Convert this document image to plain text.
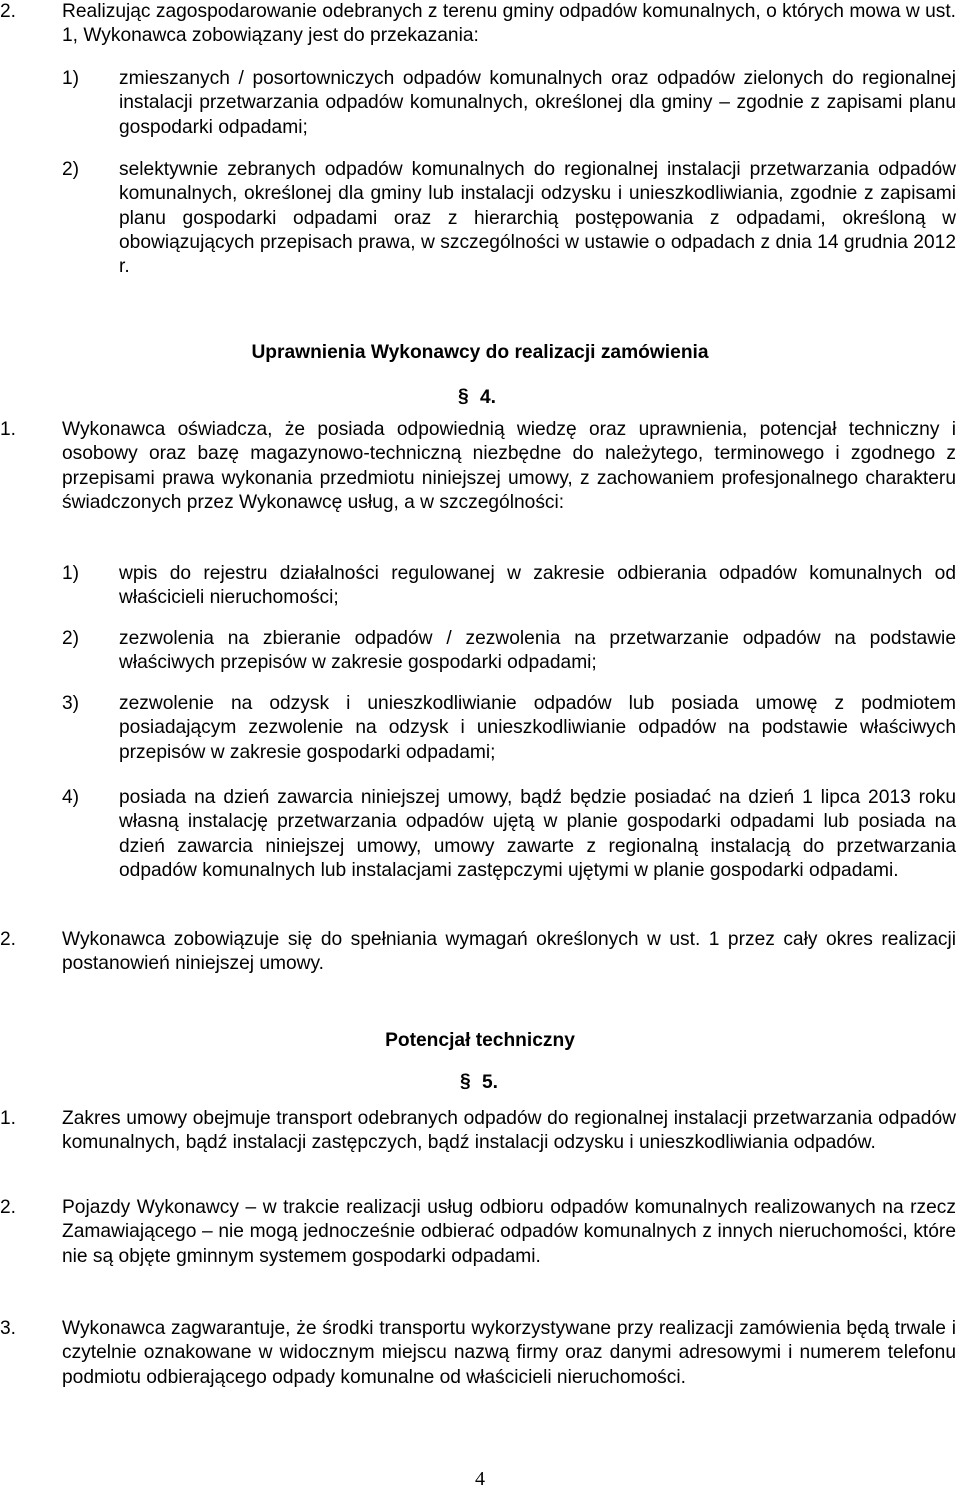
2. Realizując zagospodarowanie odebranych z terenu gminy odpadów komunalnych, o których mowa w ust. 1, Wykonawca zobowiązany jest do przekazania:
1) zmieszanych / posortowniczych odpadów komunalnych oraz odpadów zielonych do regionalnej instalacji przetwarzania odpadów komunalnych, określonej dla gminy – zgodnie z zapisami planu gospodarki odpadami;
2) selektywnie zebranych odpadów komunalnych do regionalnej instalacji przetwarzania odpadów komunalnych, określonej dla gminy lub instalacji odzysku i unieszkodliwiania, zgodnie z zapisami planu gospodarki odpadami oraz z hierarchią postępowania z odpadami, określoną w obowiązujących przepisach prawa, w szczególności w ustawie o odpadach z dnia 14 grudnia 2012 r.
Uprawnienia Wykonawcy do realizacji zamówienia
§ 4.
1. Wykonawca oświadcza, że posiada odpowiednią wiedzę oraz uprawnienia, potencjał techniczny i osobowy oraz bazę magazynowo-techniczną niezbędne do należytego, terminowego i zgodnego z przepisami prawa wykonania przedmiotu niniejszej umowy, z zachowaniem profesjonalnego charakteru świadczonych przez Wykonawcę usług, a w szczególności:
1) wpis do rejestru działalności regulowanej w zakresie odbierania odpadów komunalnych od właścicieli nieruchomości;
2) zezwolenia na zbieranie odpadów / zezwolenia na przetwarzanie odpadów na podstawie właściwych przepisów w zakresie gospodarki odpadami;
3) zezwolenie na odzysk i unieszkodliwianie odpadów lub posiada umowę z podmiotem posiadającym zezwolenie na odzysk i unieszkodliwianie odpadów na podstawie właściwych przepisów w zakresie gospodarki odpadami;
4) posiada na dzień zawarcia niniejszej umowy, bądź będzie posiadać na dzień 1 lipca 2013 roku własną instalację przetwarzania odpadów ujętą w planie gospodarki odpadami lub posiada na dzień zawarcia niniejszej umowy, umowy zawarte z regionalną instalacją do przetwarzania odpadów komunalnych lub instalacjami zastępczymi ujętymi w planie gospodarki odpadami.
2. Wykonawca zobowiązuje się do spełniania wymagań określonych w ust. 1 przez cały okres realizacji postanowień niniejszej umowy.
Potencjał techniczny
§ 5.
1. Zakres umowy obejmuje transport odebranych odpadów do regionalnej instalacji przetwarzania odpadów komunalnych, bądź instalacji zastępczych, bądź instalacji odzysku i unieszkodliwiania odpadów.
2. Pojazdy Wykonawcy – w trakcie realizacji usług odbioru odpadów komunalnych realizowanych na rzecz Zamawiającego – nie mogą jednocześnie odbierać odpadów komunalnych z innych nieruchomości, które nie są objęte gminnym systemem gospodarki odpadami.
3. Wykonawca zagwarantuje, że środki transportu wykorzystywane przy realizacji zamówienia będą trwale i czytelnie oznakowane w widocznym miejscu nazwą firmy oraz danymi adresowymi i numerem telefonu podmiotu odbierającego odpady komunalne od właścicieli nieruchomości.
4
